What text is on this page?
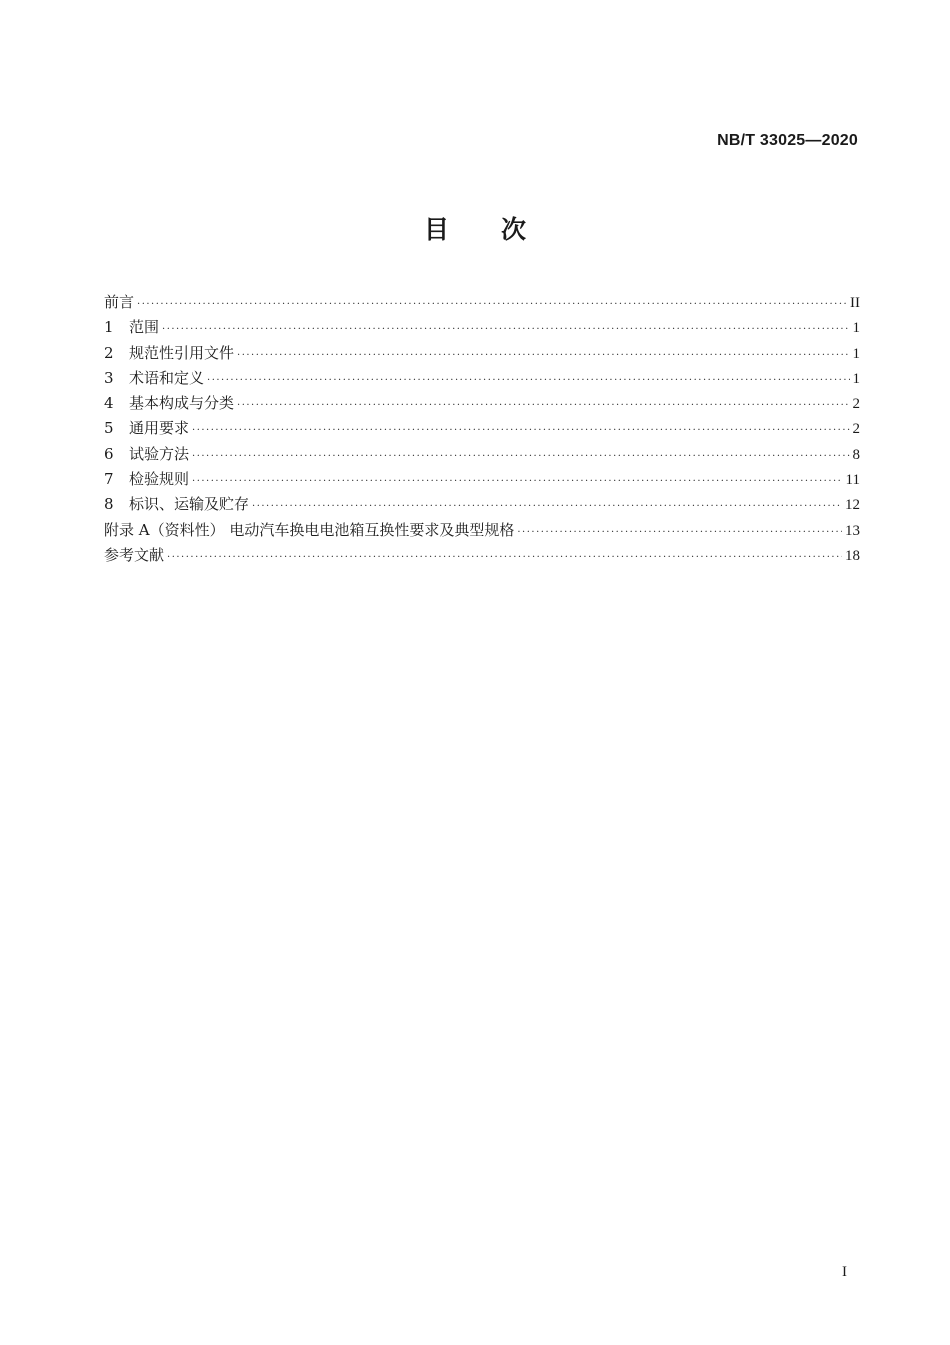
NB/T 33025—2020
目次
前言 ·····	II
1 范围 ·····	1
2 规范性引用文件 ·····	1
3 术语和定义 ·····	1
4 基本构成与分类 ·····	2
5 通用要求 ·····	2
6 试验方法 ·····	8
7 检验规则 ·····	11
8 标识、运输及贮存 ·····	12
附录 A（资料性） 电动汽车换电电池箱互换性要求及典型规格 ·····	13
参考文献 ·····	18
I
